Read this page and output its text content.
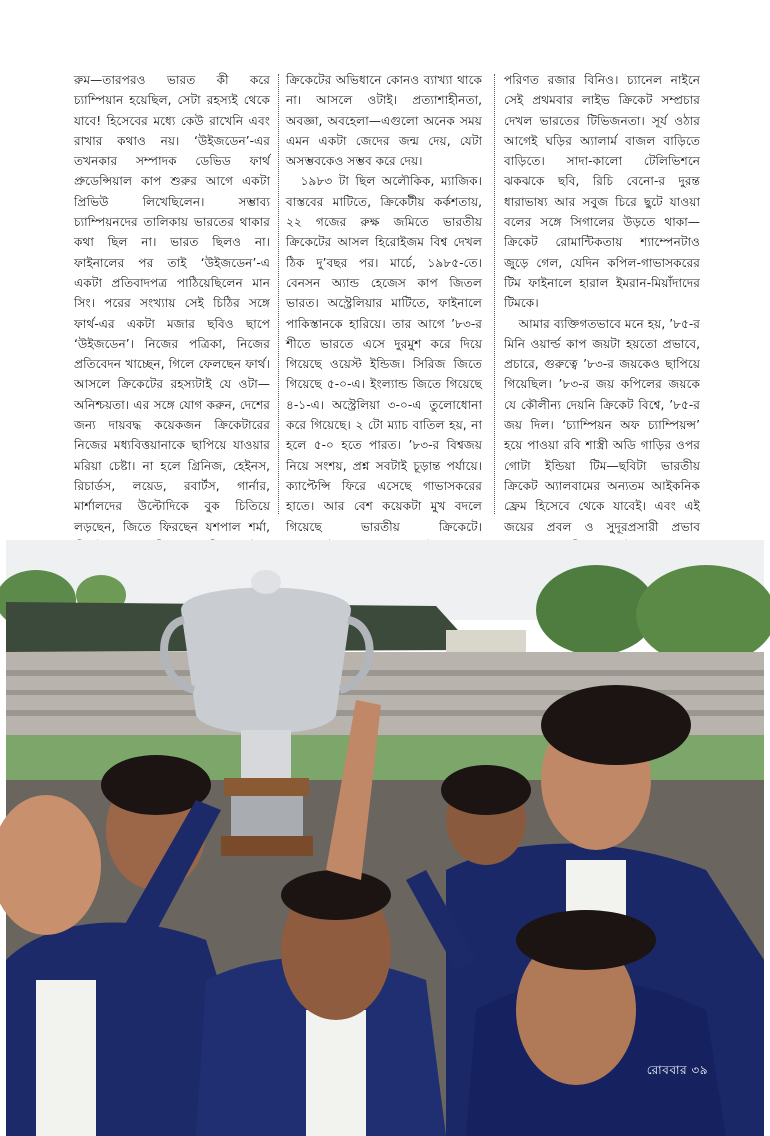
রুম—তারপরও ভারত কী করে চ্যাম্পিয়ান হয়েছিল, সেটা রহস্যই থেকে যাবে! হিসেবের মধ্যে কেউ রাখেনি এবং রাখার কথাও নয়। ‘উইজডেন’-এর তখনকার সম্পাদক ডেভিড ফার্থ প্রুডেন্সিয়াল কাপ শুরুর আগে একটা প্রিভিউ লিখেছিলেন। সম্ভাব্য চ্যাম্পিয়নদের তালিকায় ভারতের থাকার কথা ছিল না। ভারত ছিলও না। ফাইনালের পর তাই ‘উইজডেন’-এ একটা প্রতিবাদপত্র পাঠিয়েছিলেন মান সিং। পরের সংখ্যায় সেই চিঠির সঙ্গে ফার্থ-এর একটা মজার ছবিও ছাপে ‘উইজডেন’। নিজের পত্রিকা, নিজের প্রতিবেদন খাচ্ছেন, গিলে ফেলছেন ফার্থ। আসলে ক্রিকেটের রহস্যটাই যে ওটা—অনিশ্চয়তা। এর সঙ্গে যোগ করুন, দেশের জন্য দায়বদ্ধ কয়েকজন ক্রিকেটারের নিজের মধ্যবিত্তয়ানাকে ছাপিয়ে যাওয়ার মরিয়া চেষ্টা। না হলে গ্রিনিজ, হেইনস, রিচার্ডস, লয়েড, রবার্টস, গার্নার, মার্শালদের উল্টোদিকে বুক চিতিয়ে লড়ছেন, জিতে ফিরছেন যশপাল শর্মা,

ক্রিকেটের অভিধানে কোনও ব্যাখ্যা থাকে না। আসলে ওটাই। প্রত্যাশাহীনতা, অবজ্ঞা, অবহেলা—এগুলো অনেক সময় এমন একটা জেদের জন্ম দেয়, যেটা অসম্ভবকেও সম্ভব করে দেয়।

১৯৮৩ টা ছিল অলৌকিক, ম্যাজিক। বাস্তবের মাটিতে, ক্রিকেটীয় কর্কশতায়, ২২ গজের রুক্ষ জমিতে ভারতীয় ক্রিকেটের আসল হিরোইজম বিশ্ব দেখল ঠিক দু’বছর পর। মার্চে, ১৯৮৫-তে। বেনসন অ্যান্ড হেজেস কাপ জিতল ভারত। অস্ট্রেলিয়ার মাটিতে, ফাইনালে পাকিস্তানকে হারিয়ে। তার আগে ’৮৩-র শীতে ভারতে এসে দুরমুশ করে দিয়ে গিয়েছে ওয়েস্ট ইন্ডিজ। সিরিজ জিতে গিয়েছে ৫-০-এ। ইংল্যান্ড জিতে গিয়েছে ৪-১-এ। অস্ট্রেলিয়া ৩-০-এ তুলোধোনা করে গিয়েছে। ২ টো ম্যাচ বাতিল হয়, না হলে ৫-০ হতে পারত। ’৮৩-র বিশ্বজয় নিয়ে সংশয়, প্রশ্ন সবটাই চূড়ান্ত পর্যায়ে। ক্যাপ্টেন্সি ফিরে এসেছে গাভাসকরের হাতে। আর বেশ কয়েকটা মুখ বদলে গিয়েছে ভারতীয় ক্রিকেটে।

পরিণত রজার বিনিও। চ্যানেল নাইনে সেই প্রথমবার লাইভ ক্রিকেট সম্প্রচার দেখল ভারতের টিভিজনতা। সূর্য ওঠার আগেই ঘড়ির অ্যালার্ম বাজল বাড়িতে বাড়িতে। সাদা-কালো টেলিভিশনে ঝকঝকে ছবি, রিচি বেনো-র দুরন্ত ধারাভাষ্য আর সবুজ চিরে ছুটে যাওয়া বলের সঙ্গে সিগালের উড়তে থাকা—ক্রিকেট রোমান্টিকতায় শ্যাম্পেনটাও জুড়ে গেল, যেদিন কপিল-গাভাসকরের টিম ফাইনালে হারাল ইমরান-মিয়াঁদাদের টিমকে।

আমার ব্যক্তিগতভাবে মনে হয়, ’৮৫-র মিনি ওয়ার্ল্ড কাপ জয়টা হয়তো প্রভাবে, প্রচারে, গুরুত্বে ’৮৩-র জয়কেও ছাপিয়ে গিয়েছিল। ’৮৩-র জয় কপিলের জয়কে যে কৌলীন্য দেয়নি ক্রিকেট বিশ্বে, ’৮৫-র জয় দিল। ‘চ্যাম্পিয়ন অফ চ্যাম্পিয়ন্স’ হয়ে পাওয়া রবি শাস্ত্রী অডি গাড়ির ওপর গোটা ইন্ডিয়া টিম—ছবিটা ভারতীয় ক্রিকেট অ্যালবামের অন্যতম আইকনিক ফ্রেম হিসেবে থেকে যাবেই। এবং এই জয়ের প্রবল ও সুদূরপ্রসারী প্রভাব

রোববার ৩৯
